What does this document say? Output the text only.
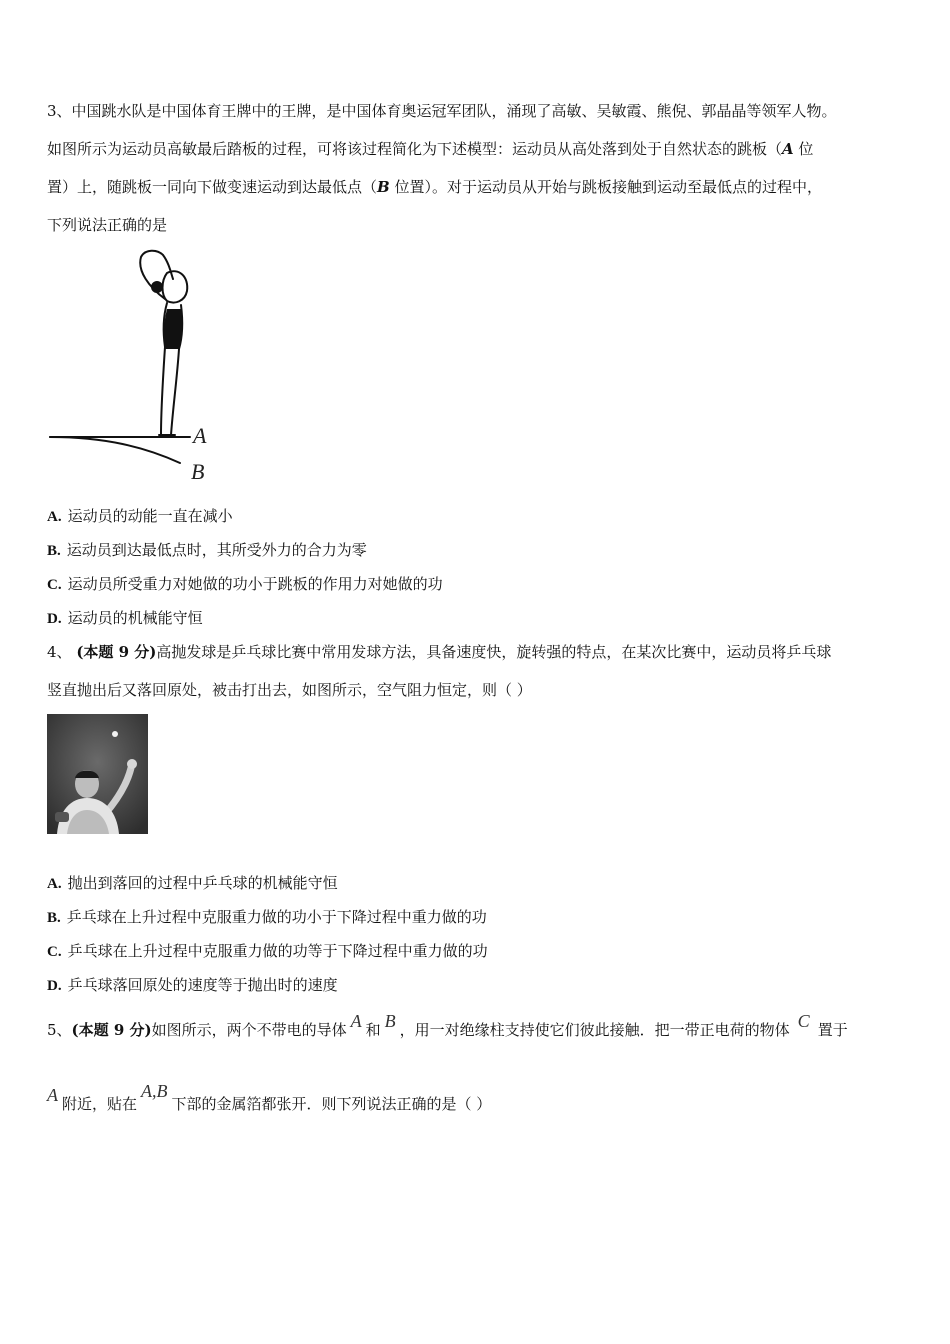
3、中国跳水队是中国体育王牌中的王牌，是中国体育奥运冠军团队，涌现了高敏、吴敏霞、熊倪、郭晶晶等领军人物。
如图所示为运动员高敏最后踏板的过程，可将该过程简化为下述模型：运动员从高处落到处于自然状态的跳板（A 位
置）上，随跳板一同向下做变速运动到达最低点（B 位置）。对于运动员从开始与跳板接触到运动至最低点的过程中，
下列说法正确的是
A
B
A. 运动员的动能一直在减小
B. 运动员到达最低点时，其所受外力的合力为零
C. 运动员所受重力对她做的功小于跳板的作用力对她做的功
D. 运动员的机械能守恒
4、 (本题 9 分)高抛发球是乒乓球比赛中常用发球方法，具备速度快，旋转强的特点，在某次比赛中，运动员将乒乓球
竖直抛出后又落回原处，被击打出去，如图所示，空气阻力恒定，则（ ）
A. 抛出到落回的过程中乒乓球的机械能守恒
B. 乒乓球在上升过程中克服重力做的功小于下降过程中重力做的功
C. 乒乓球在上升过程中克服重力做的功等于下降过程中重力做的功
D. 乒乓球落回原处的速度等于抛出时的速度
5、(本题 9 分)如图所示，两个不带电的导体 A 和 B ，用一对绝缘柱支持使它们彼此接触．把一带正电荷的物体 C 置于
A 附近，贴在A,B下部的金属箔都张开．则下列说法正确的是（ ）
